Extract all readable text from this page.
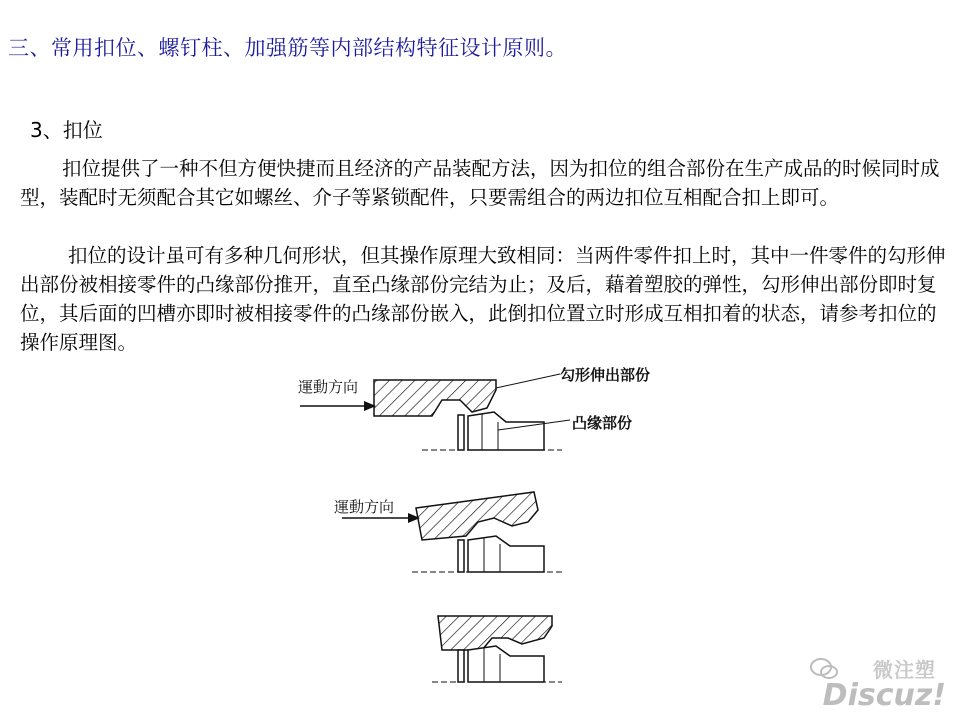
三、常用扣位、螺钉柱、加强筋等内部结构特征设计原则。
3、扣位

扣位提供了一种不但方便快捷而且经济的产品装配方法，因为扣位的组合部份在生产成品的时候同时成型，装配时无须配合其它如螺丝、介子等紧锁配件，只要需组合的两边扣位互相配合扣上即可。

扣位的设计虽可有多种几何形状，但其操作原理大致相同：当两件零件扣上时，其中一件零件的勾形伸出部份被相接零件的凸缘部份推开，直至凸缘部份完结为止；及后，藉着塑胶的弹性，勾形伸出部份即时复位，其后面的凹槽亦即时被相接零件的凸缘部份嵌入，此倒扣位置立时形成互相扣着的状态，请参考扣位的操作原理图。

運動方向
勾形伸出部份
凸缘部份
運動方向
微注塑
Discuz!
